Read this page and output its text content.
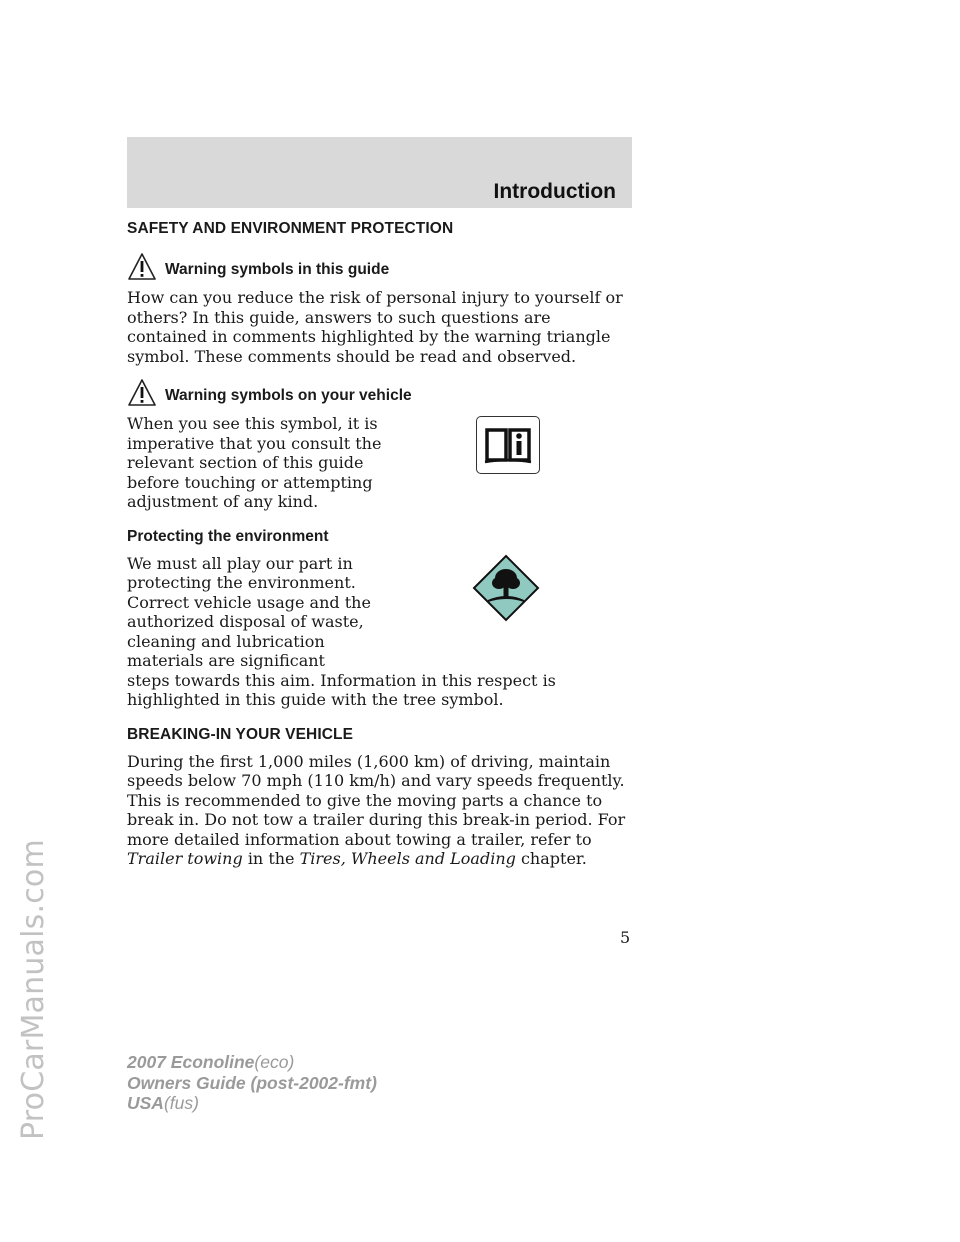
ProCarManuals.com
Introduction
SAFETY AND ENVIRONMENT PROTECTION
Warning symbols in this guide

How can you reduce the risk of personal injury to yourself or others? In this guide, answers to such questions are contained in comments highlighted by the warning triangle symbol. These comments should be read and observed.

Warning symbols on your vehicle

When you see this symbol, it is imperative that you consult the relevant section of this guide before touching or attempting adjustment of any kind.

Protecting the environment

We must all play our part in protecting the environment. Correct vehicle usage and the authorized disposal of waste, cleaning and lubrication materials are significant

steps towards this aim. Information in this respect is highlighted in this guide with the tree symbol.

BREAKING-IN YOUR VEHICLE

During the first 1,000 miles (1,600 km) of driving, maintain speeds below 70 mph (110 km/h) and vary speeds frequently. This is recommended to give the moving parts a chance to break in. Do not tow a trailer during this break-in period. For more detailed information about towing a trailer, refer to Trailer towing in the Tires, Wheels and Loading chapter.

5
2007 Econoline(eco)
Owners Guide (post-2002-fmt)
USA(fus)
